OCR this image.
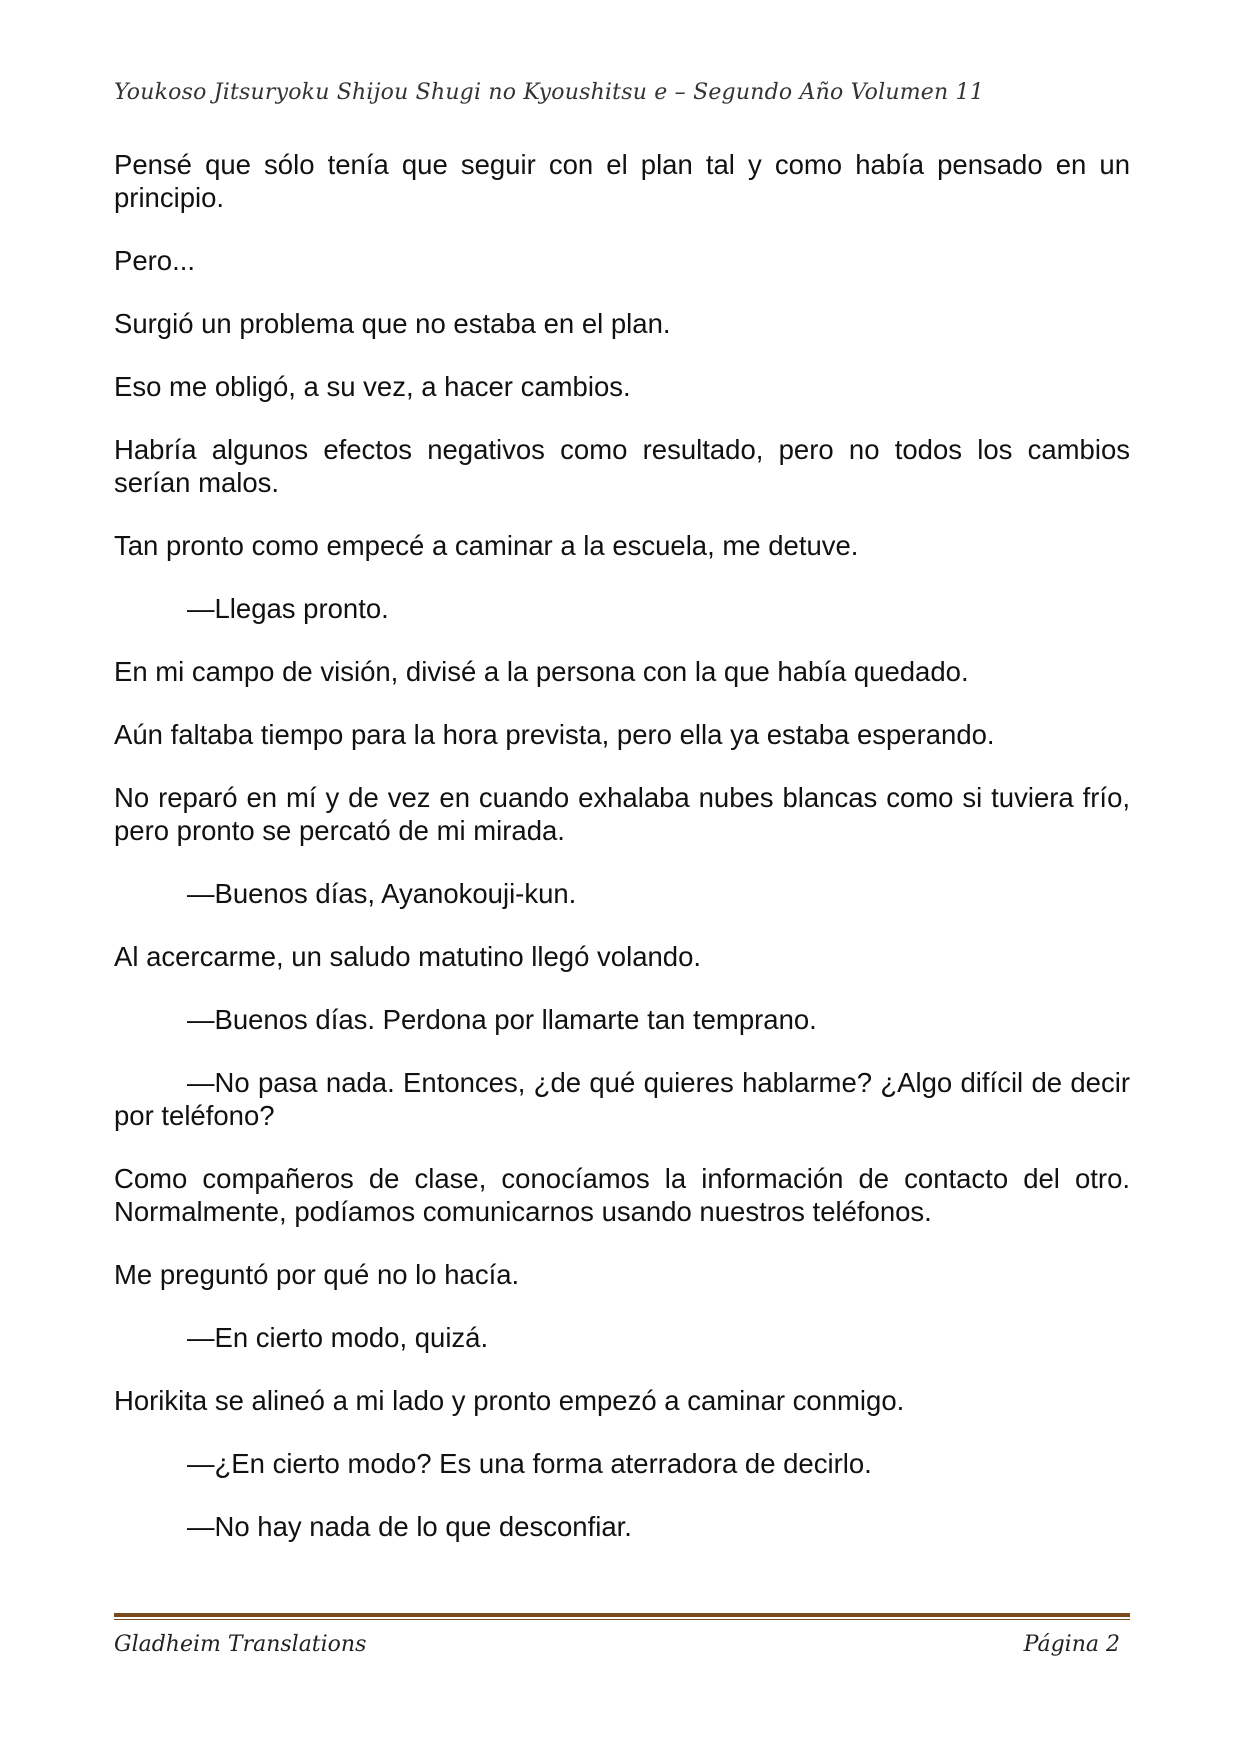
Youkoso Jitsuryoku Shijou Shugi no Kyoushitsu e – Segundo Año Volumen 11

Pensé que sólo tenía que seguir con el plan tal y como había pensado en un principio.

Pero...

Surgió un problema que no estaba en el plan.

Eso me obligó, a su vez, a hacer cambios.

Habría algunos efectos negativos como resultado, pero no todos los cambios serían malos.

Tan pronto como empecé a caminar a la escuela, me detuve.

—Llegas pronto.

En mi campo de visión, divisé a la persona con la que había quedado.

Aún faltaba tiempo para la hora prevista, pero ella ya estaba esperando.

No reparó en mí y de vez en cuando exhalaba nubes blancas como si tuviera frío, pero pronto se percató de mi mirada.

—Buenos días, Ayanokouji-kun.

Al acercarme, un saludo matutino llegó volando.

—Buenos días. Perdona por llamarte tan temprano.

—No pasa nada. Entonces, ¿de qué quieres hablarme? ¿Algo difícil de decir por teléfono?

Como compañeros de clase, conocíamos la información de contacto del otro. Normalmente, podíamos comunicarnos usando nuestros teléfonos.

Me preguntó por qué no lo hacía.

—En cierto modo, quizá.

Horikita se alineó a mi lado y pronto empezó a caminar conmigo.

—¿En cierto modo? Es una forma aterradora de decirlo.

—No hay nada de lo que desconfiar.

Gladheim Translations	Página 2
